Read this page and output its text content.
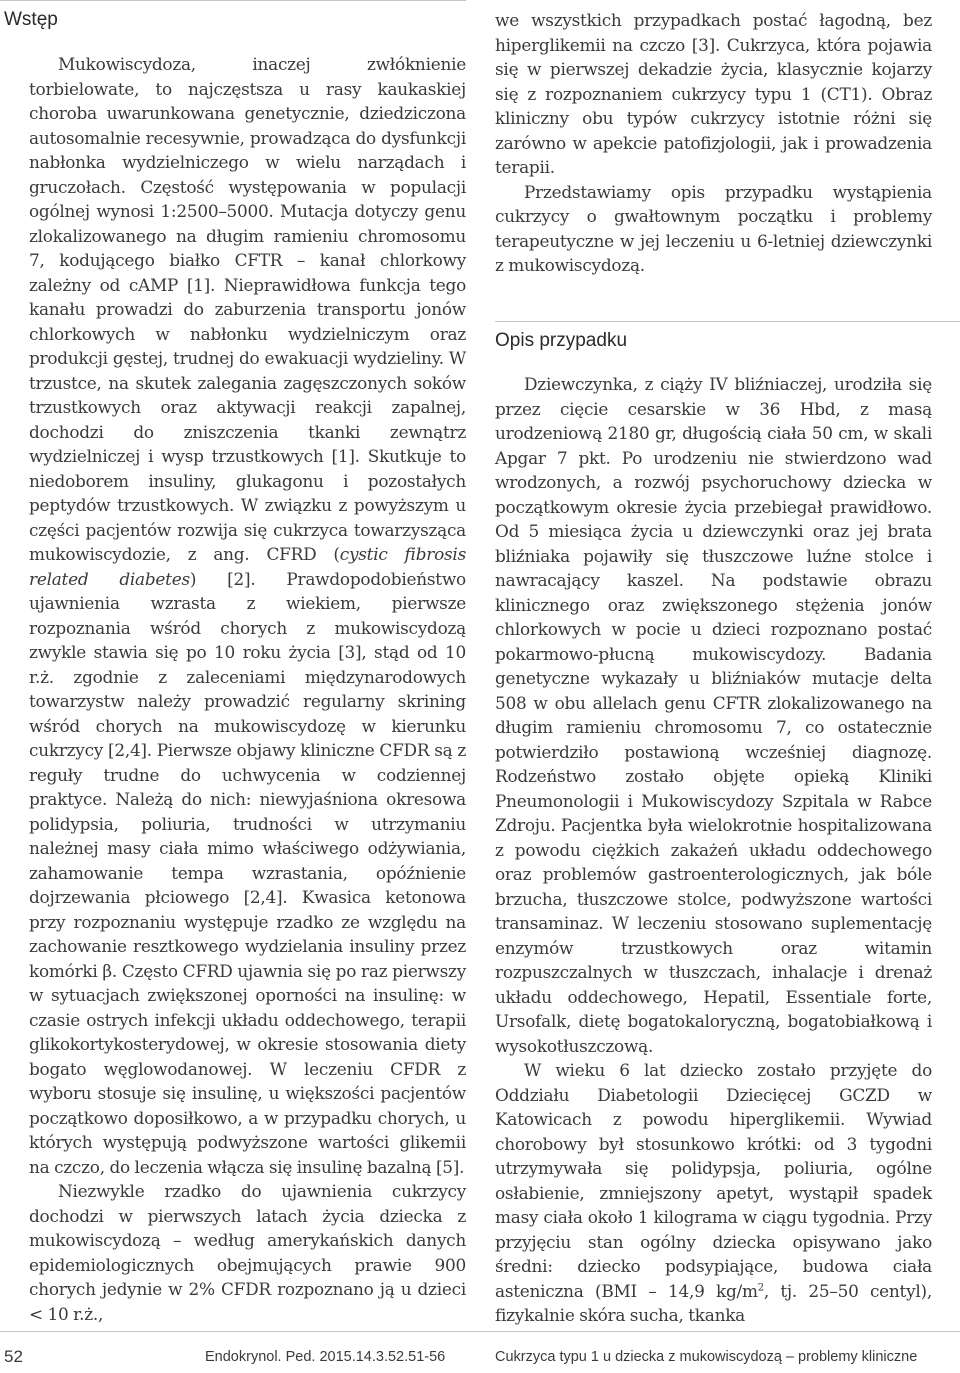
Wstęp

Mukowiscydoza, inaczej zwłóknienie torbielowate, to najczęstsza u rasy kaukaskiej choroba uwarunkowana genetycznie, dziedziczona autosomalnie recesywnie, prowadząca do dysfunkcji nabłonka wydzielniczego w wielu narządach i gruczołach. Częstość występowania w populacji ogólnej wynosi 1:2500–5000. Mutacja dotyczy genu zlokalizowanego na długim ramieniu chromosomu 7, kodującego białko CFTR – kanał chlorkowy zależny od cAMP [1]. Nieprawidłowa funkcja tego kanału prowadzi do zaburzenia transportu jonów chlorkowych w nabłonku wydzielniczym oraz produkcji gęstej, trudnej do ewakuacji wydzieliny. W trzustce, na skutek zalegania zagęszczonych soków trzustkowych oraz aktywacji reakcji zapalnej, dochodzi do zniszczenia tkanki zewnątrz wydzielniczej i wysp trzustkowych [1]. Skutkuje to niedoborem insuliny, glukagonu i pozostałych peptydów trzustkowych. W związku z powyższym u części pacjentów rozwija się cukrzyca towarzysząca mukowiscydozie, z ang. CFRD (cystic fibrosis related diabetes) [2]. Prawdopodobieństwo ujawnienia wzrasta z wiekiem, pierwsze rozpoznania wśród chorych z mukowiscydozą zwykle stawia się po 10 roku życia [3], stąd od 10 r.ż. zgodnie z zaleceniami międzynarodowych towarzystw należy prowadzić regularny skrining wśród chorych na mukowiscydozę w kierunku cukrzycy [2,4]. Pierwsze objawy kliniczne CFDR są z reguły trudne do uchwycenia w codziennej praktyce. Należą do nich: niewyjaśniona okresowa polidypsia, poliuria, trudności w utrzymaniu należnej masy ciała mimo właściwego odżywiania, zahamowanie tempa wzrastania, opóźnienie dojrzewania płciowego [2,4]. Kwasica ketonowa przy rozpoznaniu występuje rzadko ze względu na zachowanie resztkowego wydzielania insuliny przez komórki β. Często CFRD ujawnia się po raz pierwszy w sytuacjach zwiększonej oporności na insulinę: w czasie ostrych infekcji układu oddechowego, terapii glikokortykosterydowej, w okresie stosowania diety bogato węglowodanowej. W leczeniu CFDR z wyboru stosuje się insulinę, u większości pacjentów początkowo doposiłkowo, a w przypadku chorych, u których występują podwyższone wartości glikemii na czczo, do leczenia włącza się insulinę bazalną [5].

Niezwykle rzadko do ujawnienia cukrzycy dochodzi w pierwszych latach życia dziecka z mukowiscydozą – według amerykańskich danych epidemiologicznych obejmujących prawie 900 chorych jedynie w 2% CFDR rozpoznano ją u dzieci < 10 r.ż.,

we wszystkich przypadkach postać łagodną, bez hiperglikemii na czczo [3]. Cukrzyca, która pojawia się w pierwszej dekadzie życia, klasycznie kojarzy się z rozpoznaniem cukrzycy typu 1 (CT1). Obraz kliniczny obu typów cukrzycy istotnie różni się zarówno w apekcie patofizjologii, jak i prowadzenia terapii.

Przedstawiamy opis przypadku wystąpienia cukrzycy o gwałtownym początku i problemy terapeutyczne w jej leczeniu u 6-letniej dziewczynki z mukowiscydozą.

Opis przypadku

Dziewczynka, z ciąży IV bliźniaczej, urodziła się przez cięcie cesarskie w 36 Hbd, z masą urodzeniową 2180 gr, długością ciała 50 cm, w skali Apgar 7 pkt. Po urodzeniu nie stwierdzono wad wrodzonych, a rozwój psychoruchowy dziecka w początkowym okresie życia przebiegał prawidłowo. Od 5 miesiąca życia u dziewczynki oraz jej brata bliźniaka pojawiły się tłuszczowe luźne stolce i nawracający kaszel. Na podstawie obrazu klinicznego oraz zwiększonego stężenia jonów chlorkowych w pocie u dzieci rozpoznano postać pokarmowo-płucną mukowiscydozy. Badania genetyczne wykazały u bliźniaków mutacje delta 508 w obu allelach genu CFTR zlokalizowanego na długim ramieniu chromosomu 7, co ostatecznie potwierdziło postawioną wcześniej diagnozę. Rodzeństwo zostało objęte opieką Kliniki Pneumonologii i Mukowiscydozy Szpitala w Rabce Zdroju. Pacjentka była wielokrotnie hospitalizowana z powodu ciężkich zakażeń układu oddechowego oraz problemów gastroenterologicznych, jak bóle brzucha, tłuszczowe stolce, podwyższone wartości transaminaz. W leczeniu stosowano suplementację enzymów trzustkowych oraz witamin rozpuszczalnych w tłuszczach, inhalacje i drenaż układu oddechowego, Hepatil, Essentiale forte, Ursofalk, dietę bogatokaloryczną, bogatobiałkową i wysokotłuszczową.

W wieku 6 lat dziecko zostało przyjęte do Oddziału Diabetologii Dziecięcej GCZD w Katowicach z powodu hiperglikemii. Wywiad chorobowy był stosunkowo krótki: od 3 tygodni utrzymywała się polidypsja, poliuria, ogólne osłabienie, zmniejszony apetyt, wystąpił spadek masy ciała około 1 kilograma w ciągu tygodnia. Przy przyjęciu stan ogólny dziecka opisywano jako średni: dziecko podsypiające, budowa ciała asteniczna (BMI – 14,9 $kg/m^2$, tj. 25–50 centyl), fizykalnie skóra sucha, tkanka

52	Endokrynol. Ped. 2015.14.3.52.51-56	Cukrzyca typu 1 u dziecka z mukowiscydozą – problemy kliniczne
